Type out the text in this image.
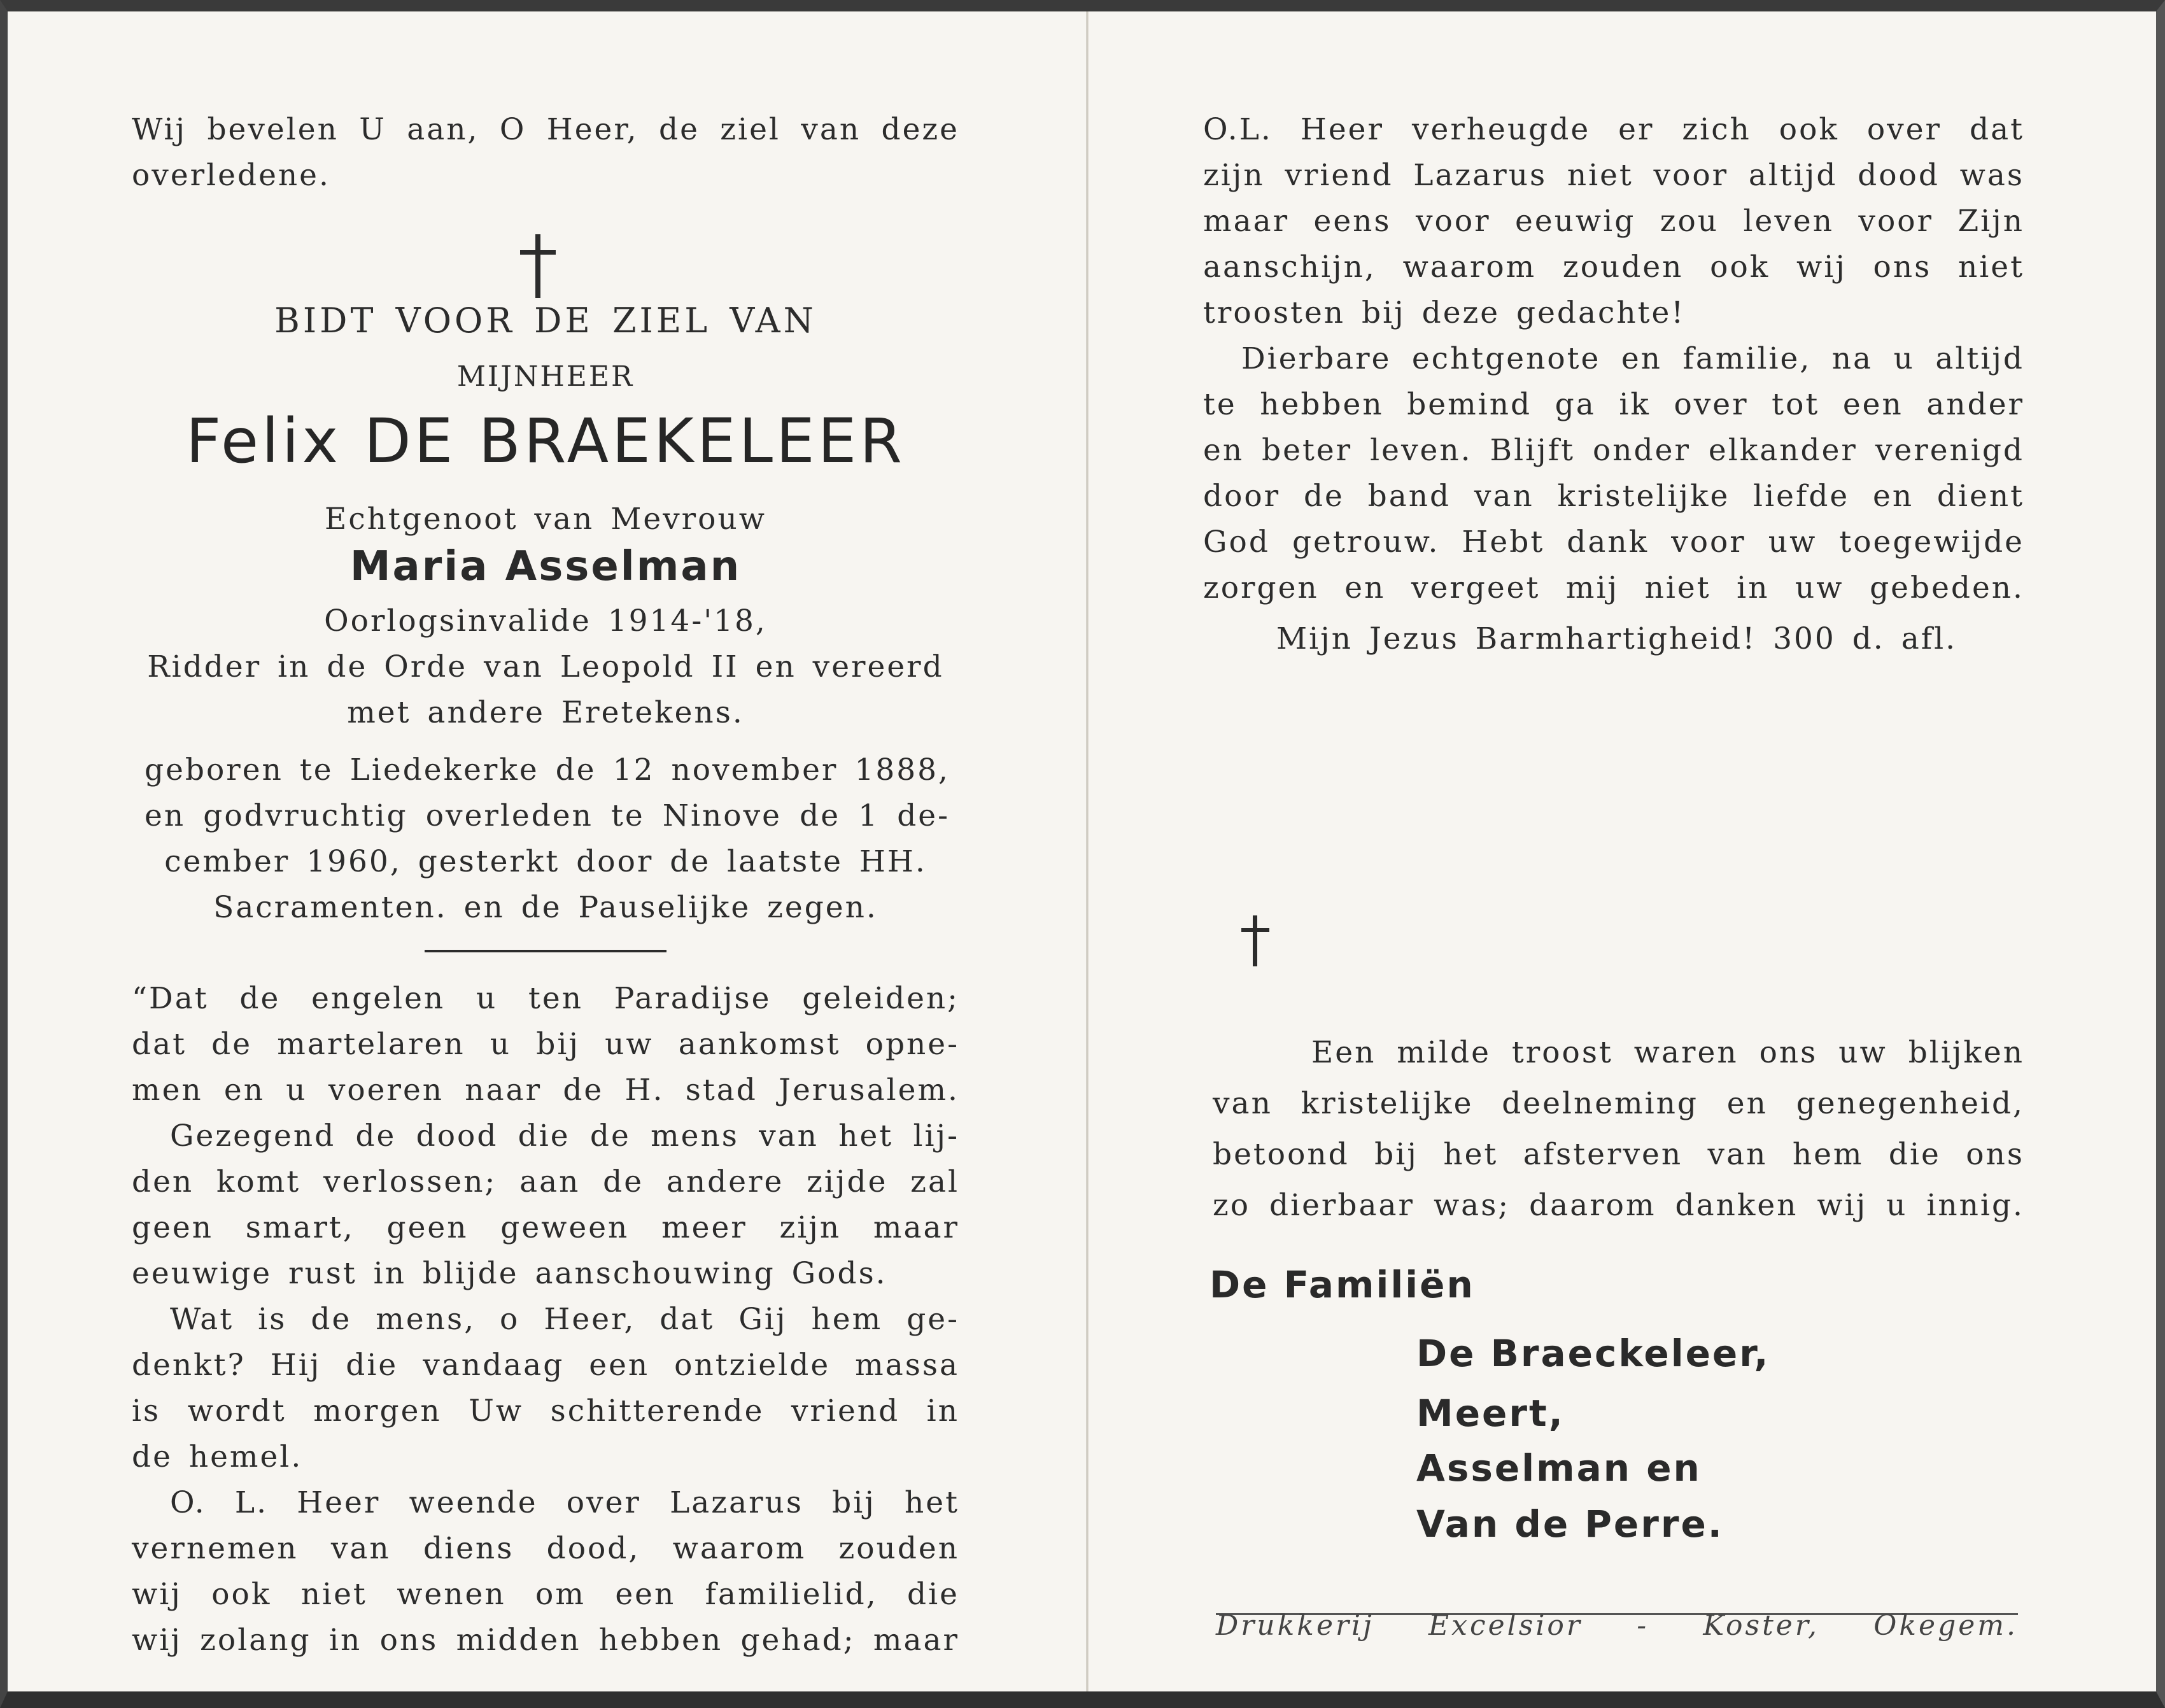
Wij bevelen U aan, O Heer, de ziel van deze

overledene.

BIDT VOOR DE ZIEL VAN

MIJNHEER

Felix DE BRAEKELEER

Echtgenoot van Mevrouw

Maria Asselman

Oorlogsinvalide 1914-'18,

Ridder in de Orde van Leopold II en vereerd

met andere Eretekens.

geboren te Liedekerke de 12 november 1888,

en godvruchtig overleden te Ninove de 1 de-

cember 1960, gesterkt door de laatste HH.

Sacramenten. en de Pauselijke zegen.

“Dat de engelen u ten Paradijse geleiden;

dat de martelaren u bij uw aankomst opne-

men en u voeren naar de H. stad Jerusalem.

Gezegend de dood die de mens van het lij-

den komt verlossen; aan de andere zijde zal

geen smart, geen geween meer zijn maar

eeuwige rust in blijde aanschouwing Gods.

Wat is de mens, o Heer, dat Gij hem ge-

denkt? Hij die vandaag een ontzielde massa

is wordt morgen Uw schitterende vriend in

de hemel.

O. L. Heer weende over Lazarus bij het

vernemen van diens dood, waarom zouden

wij ook niet wenen om een familielid, die

wij zolang in ons midden hebben gehad; maar

O.L. Heer verheugde er zich ook over dat

zijn vriend Lazarus niet voor altijd dood was

maar eens voor eeuwig zou leven voor Zijn

aanschijn, waarom zouden ook wij ons niet

troosten bij deze gedachte!

Dierbare echtgenote en familie, na u altijd

te hebben bemind ga ik over tot een ander

en beter leven. Blijft onder elkander verenigd

door de band van kristelijke liefde en dient

God getrouw. Hebt dank voor uw toegewijde

zorgen en vergeet mij niet in uw gebeden.

Mijn Jezus Barmhartigheid! 300 d. afl.

Een milde troost waren ons uw blijken

van kristelijke deelneming en genegenheid,

betoond bij het afsterven van hem die ons

zo dierbaar was; daarom danken wij u innig.

De Familiën

De Braeckeleer,

Meert,

Asselman en

Van de Perre.

Drukkerij Excelsior - Koster, Okegem.
